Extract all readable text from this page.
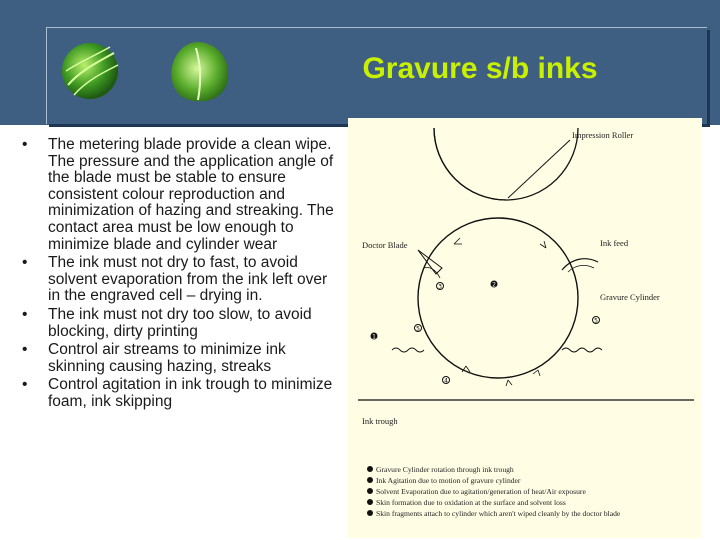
Gravure s/b inks
• The metering blade provide a clean wipe. The pressure and the application angle of the blade must be stable to ensure consistent colour reproduction and minimization of hazing and streaking. The contact area must be low enough to minimize blade and cylinder wear
• The ink must not dry to fast, to avoid solvent evaporation from the ink left over in the engraved cell – drying in.
• The ink must not dry too slow, to avoid blocking, dirty printing
• Control air streams to minimize ink skinning causing hazing, streaks
• Control agitation in ink trough to minimize foam, ink skipping
Impression Roller
Gravure Cylinder
Doctor Blade	Ink feed
Ink trough
1
2
3
4
5
5
Gravure Cylinder rotation through ink trough
Ink Agitation due to motion of gravure cylinder
Solvent Evaporation due to agitation/generation of heat/Air exposure
Skin formation due to oxidation at the surface and solvent loss
Skin fragments attach to cylinder which aren't wiped cleanly by the doctor blade
